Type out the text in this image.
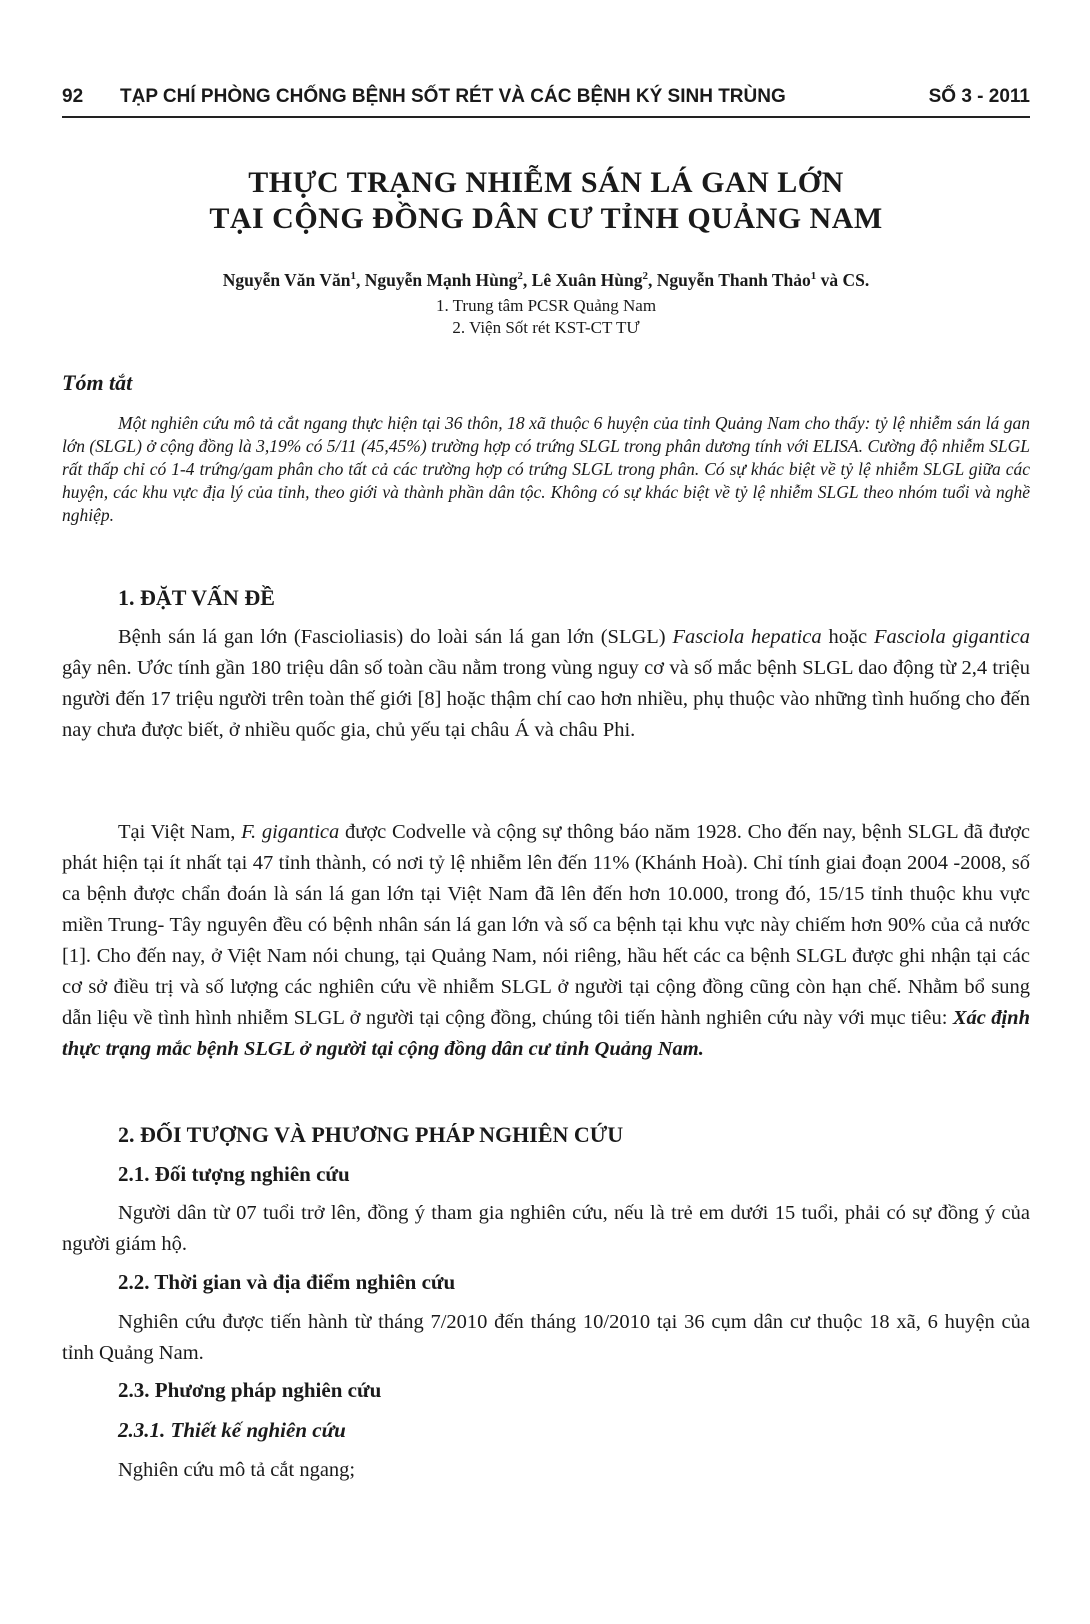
92 TẠP CHÍ PHÒNG CHỐNG BỆNH SỐT RÉT VÀ CÁC BỆNH KÝ SINH TRÙNG	SỐ 3 - 2011
THỰC TRẠNG NHIỄM SÁN LÁ GAN LỚN
TẠI CỘNG ĐỒNG DÂN CƯ TỈNH QUẢNG NAM
Nguyễn Văn Văn$^1$, Nguyễn Mạnh Hùng$^2$, Lê Xuân Hùng$^2$, Nguyễn Thanh Thảo$^1$ và CS.
1. Trung tâm PCSR Quảng Nam
2. Viện Sốt rét KST-CT TƯ
Tóm tắt

Một nghiên cứu mô tả cắt ngang thực hiện tại 36 thôn, 18 xã thuộc 6 huyện của tỉnh Quảng Nam cho thấy: tỷ lệ nhiễm sán lá gan lớn (SLGL) ở cộng đồng là 3,19% có 5/11 (45,45%) trường hợp có trứng SLGL trong phân dương tính với ELISA. Cường độ nhiễm SLGL rất thấp chỉ có 1-4 trứng/gam phân cho tất cả các trường hợp có trứng SLGL trong phân. Có sự khác biệt về tỷ lệ nhiễm SLGL giữa các huyện, các khu vực địa lý của tỉnh, theo giới và thành phần dân tộc. Không có sự khác biệt về tỷ lệ nhiễm SLGL theo nhóm tuổi và nghề nghiệp.

1. ĐẶT VẤN ĐỀ

Bệnh sán lá gan lớn (Fascioliasis) do loài sán lá gan lớn (SLGL) Fasciola hepatica hoặc Fasciola gigantica gây nên. Ước tính gần 180 triệu dân số toàn cầu nằm trong vùng nguy cơ và số mắc bệnh SLGL dao động từ 2,4 triệu người đến 17 triệu người trên toàn thế giới [8] hoặc thậm chí cao hơn nhiều, phụ thuộc vào những tình huống cho đến nay chưa được biết, ở nhiều quốc gia, chủ yếu tại châu Á và châu Phi.

Tại Việt Nam, F. gigantica được Codvelle và cộng sự thông báo năm 1928. Cho đến nay, bệnh SLGL đã được phát hiện tại ít nhất tại 47 tỉnh thành, có nơi tỷ lệ nhiễm lên đến 11% (Khánh Hoà). Chỉ tính giai đoạn 2004 -2008, số ca bệnh được chẩn đoán là sán lá gan lớn tại Việt Nam đã lên đến hơn 10.000, trong đó, 15/15 tỉnh thuộc khu vực miền Trung- Tây nguyên đều có bệnh nhân sán lá gan lớn và số ca bệnh tại khu vực này chiếm hơn 90% của cả nước [1]. Cho đến nay, ở Việt Nam nói chung, tại Quảng Nam, nói riêng, hầu hết các ca bệnh SLGL được ghi nhận tại các cơ sở điều trị và số lượng các nghiên cứu về nhiễm SLGL ở người tại cộng đồng cũng còn hạn chế. Nhằm bổ sung dẫn liệu về tình hình nhiễm SLGL ở người tại cộng đồng, chúng tôi tiến hành nghiên cứu này với mục tiêu: Xác định thực trạng mắc bệnh SLGL ở người tại cộng đồng dân cư tỉnh Quảng Nam.

2. ĐỐI TƯỢNG VÀ PHƯƠNG PHÁP NGHIÊN CỨU
2.1. Đối tượng nghiên cứu

Người dân từ 07 tuổi trở lên, đồng ý tham gia nghiên cứu, nếu là trẻ em dưới 15 tuổi, phải có sự đồng ý của người giám hộ.

2.2. Thời gian và địa điểm nghiên cứu

Nghiên cứu được tiến hành từ tháng 7/2010 đến tháng 10/2010 tại 36 cụm dân cư thuộc 18 xã, 6 huyện của tỉnh Quảng Nam.

2.3. Phương pháp nghiên cứu
2.3.1. Thiết kế nghiên cứu

Nghiên cứu mô tả cắt ngang;
